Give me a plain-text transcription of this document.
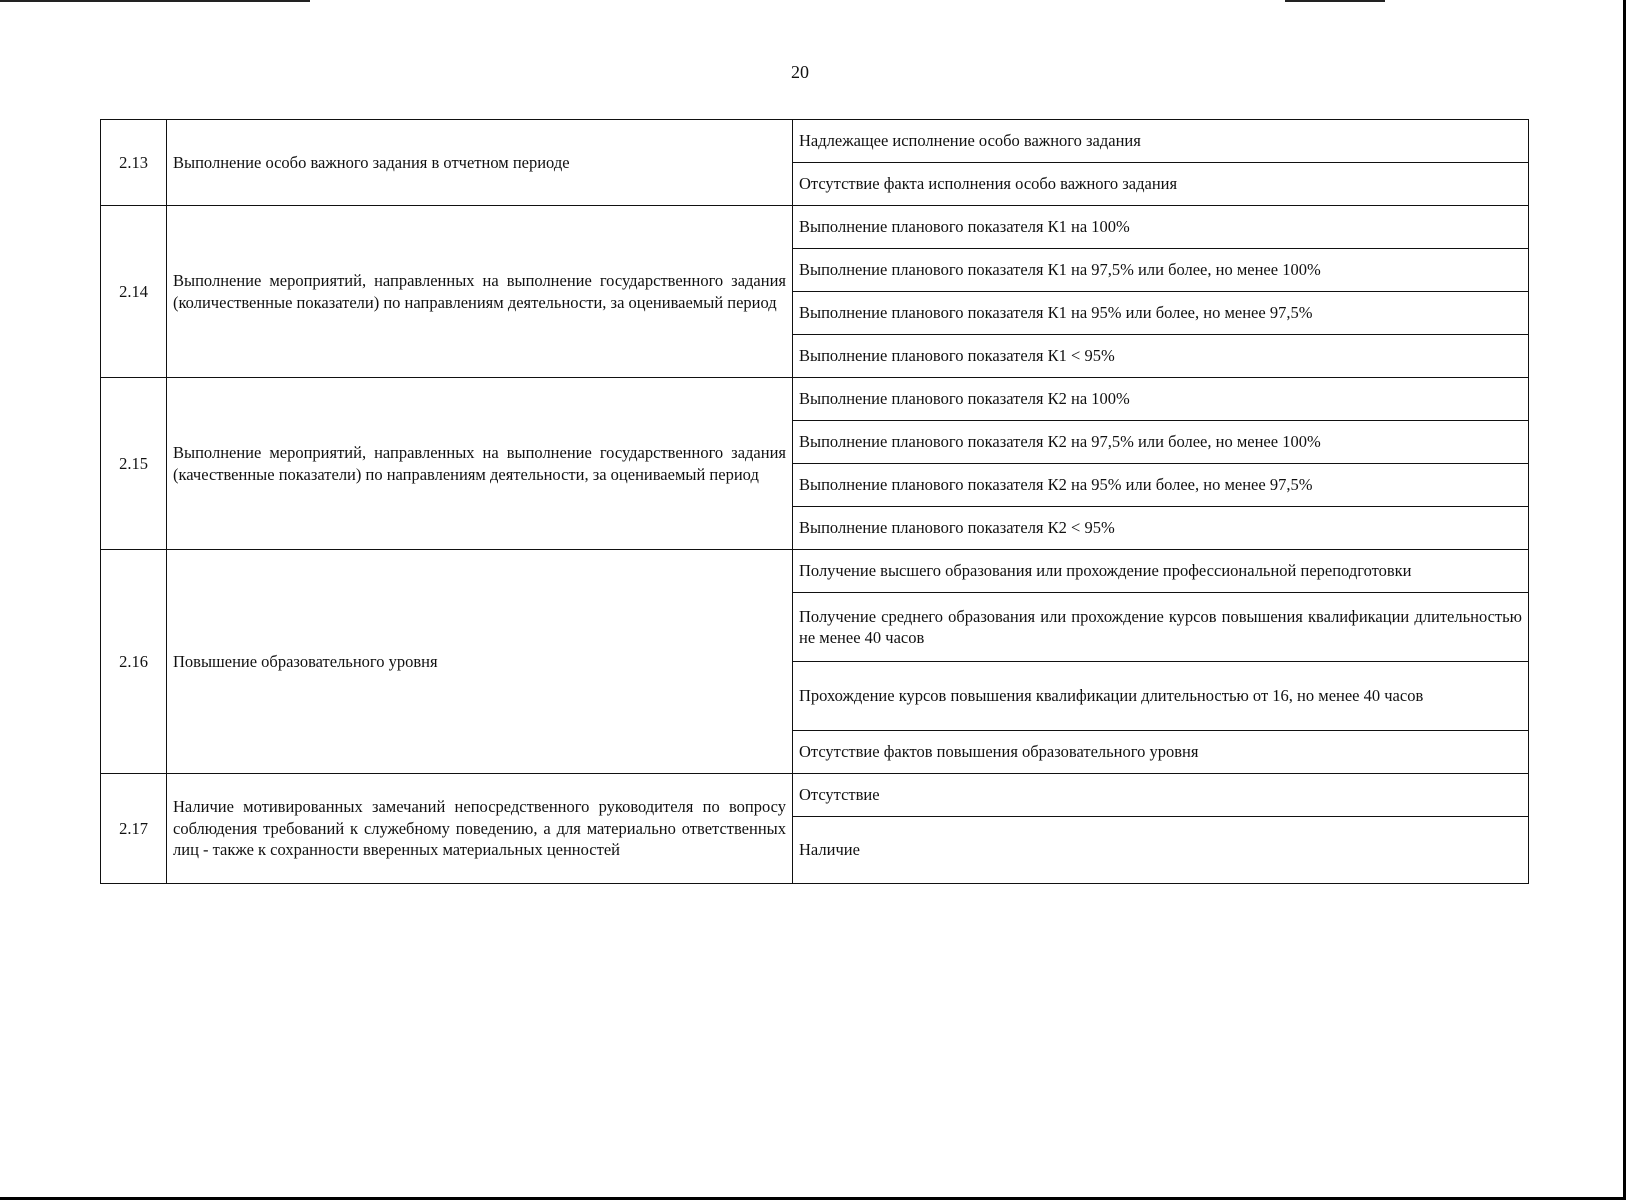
20
2.13	Выполнение особо важного задания в отчетном периоде	Надлежащее исполнение особо важного задания
		Отсутствие факта исполнения особо важного задания
2.14	Выполнение мероприятий, направленных на выполнение государственного задания (количественные показатели) по направлениям деятельности, за оцениваемый период	Выполнение планового показателя К1 на 100%
		Выполнение планового показателя К1 на 97,5% или более, но менее 100%
		Выполнение планового показателя К1 на 95% или более, но менее 97,5%
		Выполнение планового показателя К1 < 95%
2.15	Выполнение мероприятий, направленных на выполнение государственного задания (качественные показатели) по направлениям деятельности, за оцениваемый период	Выполнение планового показателя К2 на 100%
		Выполнение планового показателя К2 на 97,5% или более, но менее 100%
		Выполнение планового показателя К2 на 95% или более, но менее 97,5%
		Выполнение планового показателя К2 < 95%
2.16	Повышение образовательного уровня	Получение высшего образования или прохождение профессиональной переподготовки
		Получение среднего образования или прохождение курсов повышения квалификации длительностью не менее 40 часов
		Прохождение курсов повышения квалификации длительностью от 16, но менее 40 часов
		Отсутствие фактов повышения образовательного уровня
2.17	Наличие мотивированных замечаний непосредственного руководителя по вопросу соблюдения требований к служебному поведению, а для материально ответственных лиц - также к сохранности вверенных материальных ценностей	Отсутствие
		Наличие
